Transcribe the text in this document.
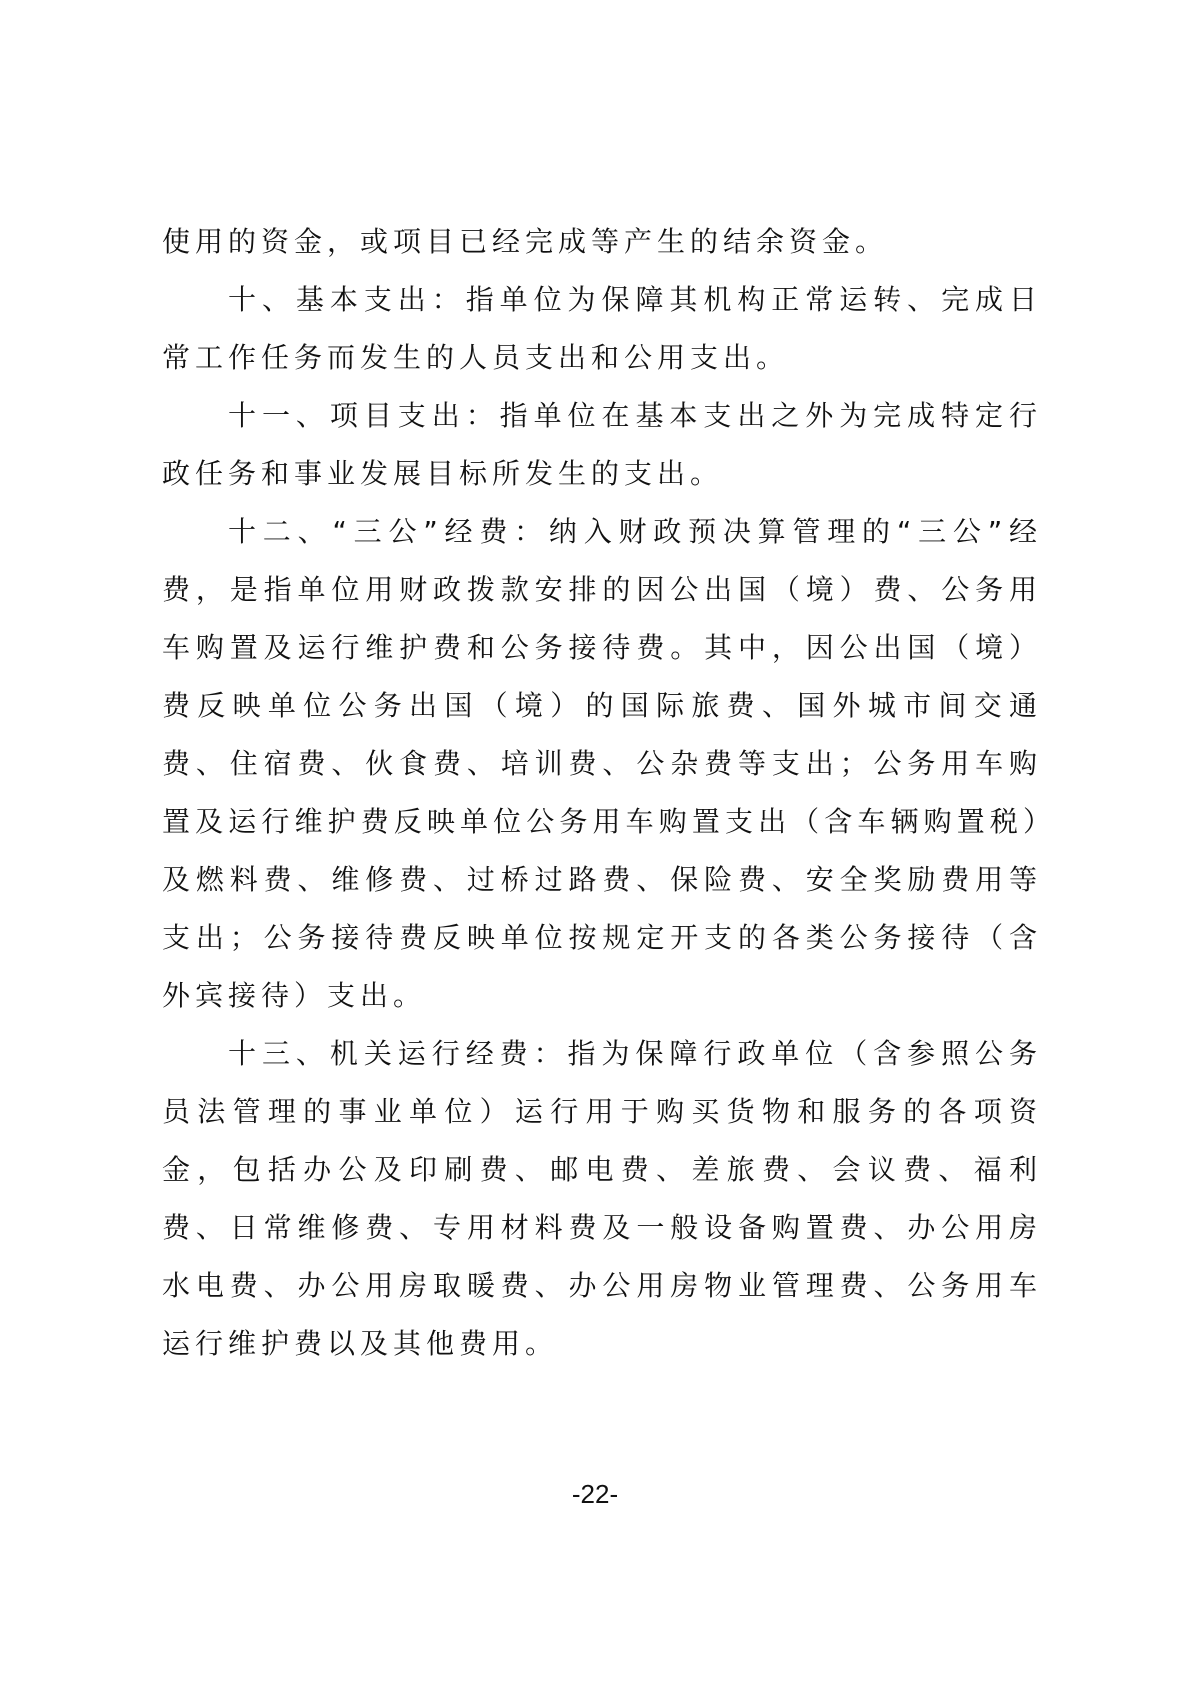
使用的资金，或项目已经完成等产生的结余资金。

十、基本支出：指单位为保障其机构正常运转、完成日常工作任务而发生的人员支出和公用支出。

十一、项目支出：指单位在基本支出之外为完成特定行政任务和事业发展目标所发生的支出。

十二、“三公”经费：纳入财政预决算管理的“三公”经费，是指单位用财政拨款安排的因公出国（境）费、公务用车购置及运行维护费和公务接待费。其中，因公出国（境）费反映单位公务出国（境）的国际旅费、国外城市间交通费、住宿费、伙食费、培训费、公杂费等支出；公务用车购置及运行维护费反映单位公务用车购置支出（含车辆购置税）及燃料费、维修费、过桥过路费、保险费、安全奖励费用等支出；公务接待费反映单位按规定开支的各类公务接待（含外宾接待）支出。

十三、机关运行经费：指为保障行政单位（含参照公务员法管理的事业单位）运行用于购买货物和服务的各项资金，包括办公及印刷费、邮电费、差旅费、会议费、福利费、日常维修费、专用材料费及一般设备购置费、办公用房水电费、办公用房取暖费、办公用房物业管理费、公务用车运行维护费以及其他费用。

-22-
